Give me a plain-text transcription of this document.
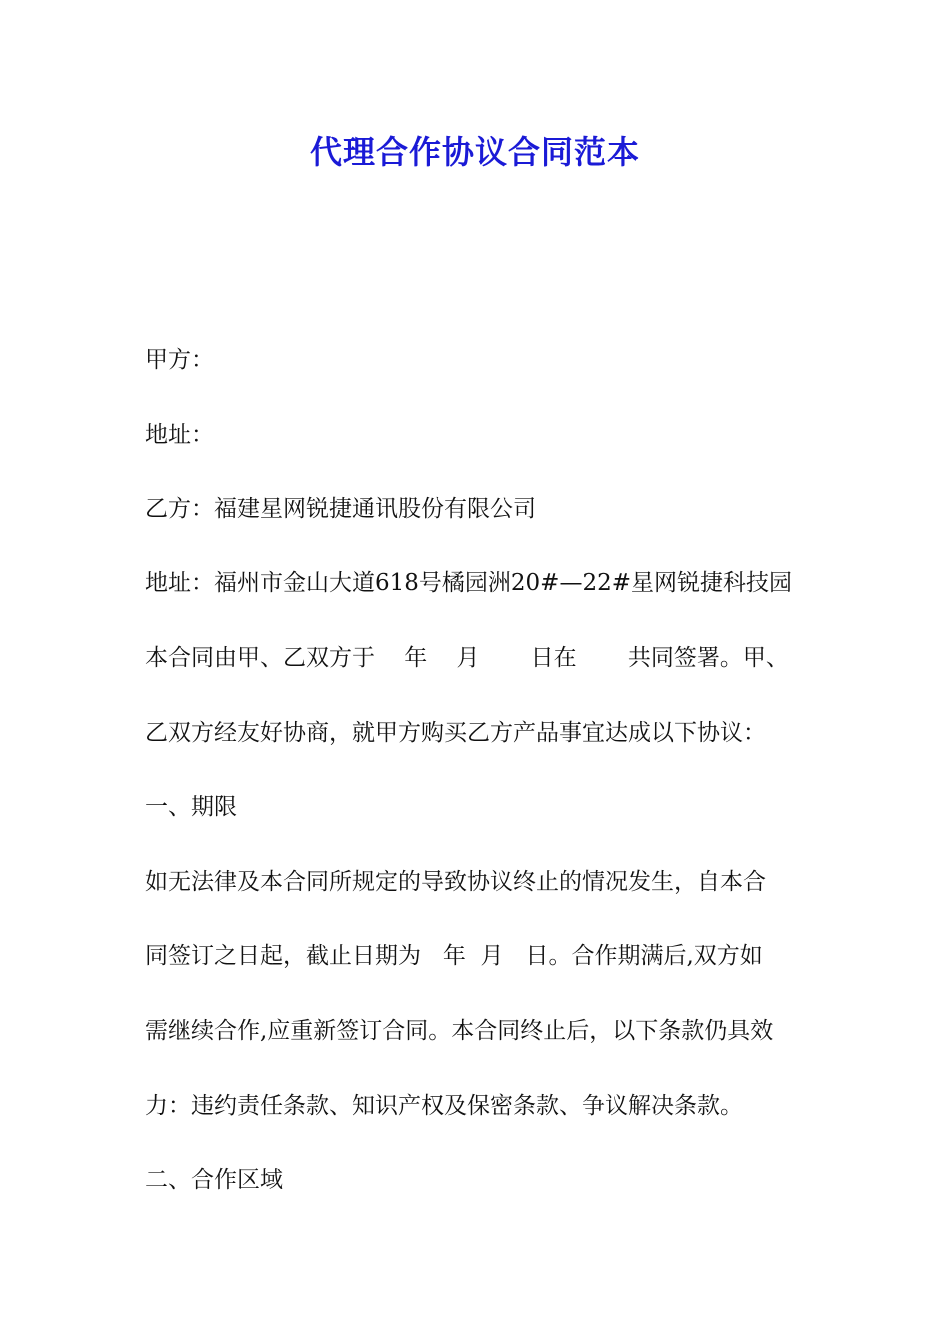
代理合作协议合同范本
甲方：
地址：
乙方：福建星网锐捷通讯股份有限公司
地址：福州市金山大道618号橘园洲20#—22#星网锐捷科技园
本合同由甲、乙双方于    年    月       日在       共同签署。甲、
乙双方经友好协商，就甲方购买乙方产品事宜达成以下协议：
一、期限
如无法律及本合同所规定的导致协议终止的情况发生，自本合
同签订之日起，截止日期为   年  月   日。合作期满后,双方如
需继续合作,应重新签订合同。本合同终止后，以下条款仍具效
力：违约责任条款、知识产权及保密条款、争议解决条款。
二、合作区域
